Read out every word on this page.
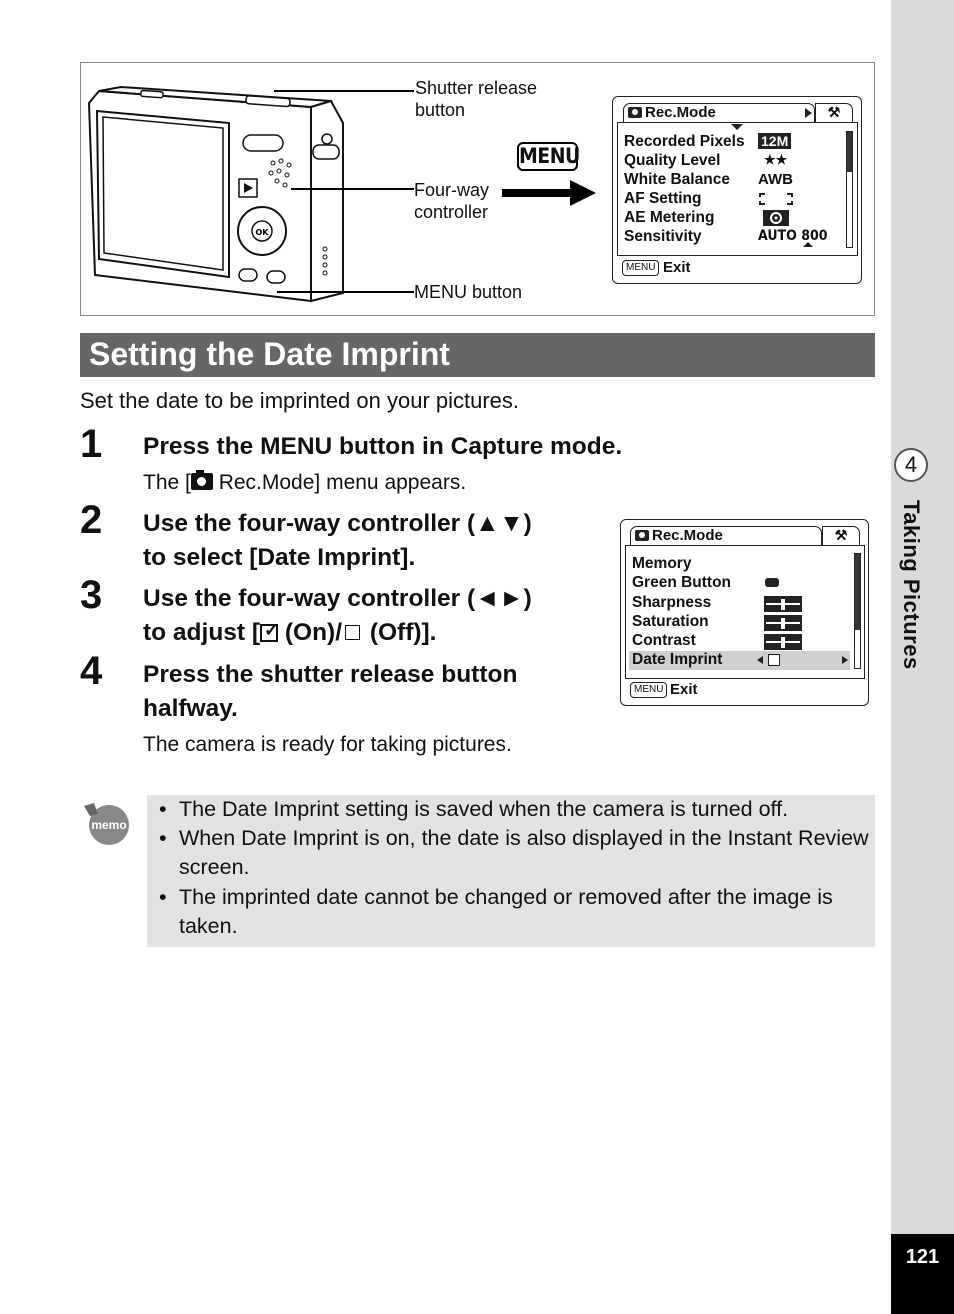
4
Taking Pictures
121
OK
Shutter release
button
Four-way
controller
MENU button
MENU
Rec.Mode	⚒
Recorded Pixels
Quality Level
White Balance
AF Setting
AE Metering
Sensitivity
12M
★★
AWB
AUTO 800
MENU Exit
Setting the Date Imprint
Set the date to be imprinted on your pictures.
1 Press the MENU button in Capture mode.
The [
Rec.Mode] menu appears.
2 Use the four-way controller (▲▼)
to select [Date Imprint].
3 Use the four-way controller (◄►)
to adjust [ ✓
(On)/ (Off)].
4 Press the shutter release button
halfway.
The camera is ready for taking pictures.
Rec.Mode	⚒
Memory
Green Button
Sharpness
Saturation
Contrast
Date Imprint
MENU Exit
memo
• The Date Imprint setting is saved when the camera is turned off.
• When Date Imprint is on, the date is also displayed in the Instant Review screen.
• The imprinted date cannot be changed or removed after the image is taken.
